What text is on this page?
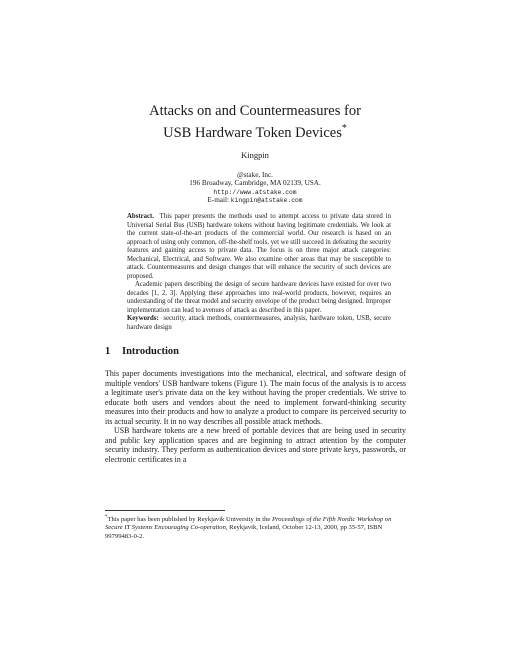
Attacks on and Countermeasures for
USB Hardware Token Devices*
Kingpin
@stake, Inc.
196 Broadway, Cambridge, MA 02139, USA.
http://www.atstake.com
E-mail: kingpin@atstake.com

Abstract. This paper presents the methods used to attempt access to private data stored in Universal Serial Bus (USB) hardware tokens without having legitimate credentials. We look at the current state-of-the-art products of the commercial world. Our research is based on an approach of using only common, off-the-shelf tools, yet we still succeed in defeating the security features and gaining access to private data. The focus is on three major attack categories: Mechanical, Electrical, and Software. We also examine other areas that may be susceptible to attack. Countermeasures and design changes that will enhance the security of such devices are proposed.

Academic papers describing the design of secure hardware devices have existed for over two decades [1, 2, 3]. Applying these approaches into real-world products, however, requires an understanding of the threat model and security envelope of the product being designed. Improper implementation can lead to avenues of attack as described in this paper.

Keywords: security, attack methods, countermeasures, analysis, hardware token, USB, secure hardware design
1 Introduction

This paper documents investigations into the mechanical, electrical, and software design of multiple vendors' USB hardware tokens (Figure 1). The main focus of the analysis is to access a legitimate user's private data on the key without having the proper credentials. We strive to educate both users and vendors about the need to implement forward-thinking security measures into their products and how to analyze a product to compare its perceived security to its actual security. It in no way describes all possible attack methods.

USB hardware tokens are a new breed of portable devices that are being used in security and public key application spaces and are beginning to attract attention by the computer security industry. They perform as authentication devices and store private keys, passwords, or electronic certificates in a

*This paper has been published by Reykjavik University in the Proceedings of the Fifth Nordic Workshop on Secure IT Systems Encouraging Co-operation, Reykjavik, Iceland, October 12-13, 2000, pp 35-57, ISBN 99799483-0-2.
